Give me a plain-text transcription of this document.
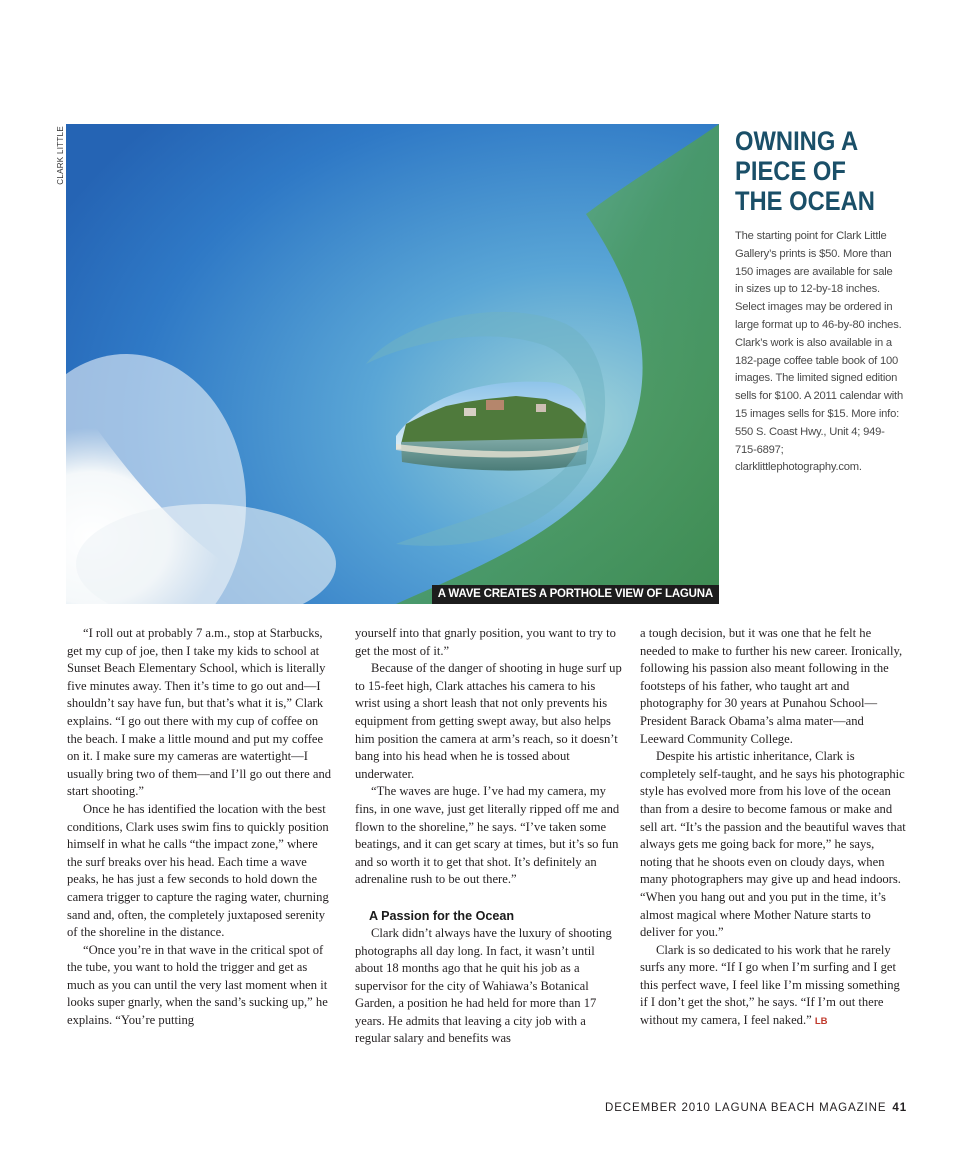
CLARK LITTLE
A WAVE CREATES A PORTHOLE VIEW OF LAGUNA
OWNING A
PIECE OF
THE OCEAN

The starting point for Clark Little Gallery’s prints is $50. More than 150 images are available for sale in sizes up to 12-by-18 inches. Select images may be ordered in large format up to 46-by-80 inches. Clark’s work is also available in a 182-page coffee table book of 100 images. The limited signed edition sells for $100. A 2011 calendar with 15 images sells for $15. More info: 550 S. Coast Hwy., Unit 4; 949-715-6897; clarklittlephotography.com.

“I roll out at probably 7 a.m., stop at Starbucks, get my cup of joe, then I take my kids to school at Sunset Beach Elementary School, which is literally five minutes away. Then it’s time to go out and—I shouldn’t say have fun, but that’s what it is,” Clark explains. “I go out there with my cup of coffee on the beach. I make a little mound and put my coffee on it. I make sure my cameras are watertight—I usually bring two of them—and I’ll go out there and start shooting.”

Once he has identified the location with the best conditions, Clark uses swim fins to quickly position himself in what he calls “the impact zone,” where the surf breaks over his head. Each time a wave peaks, he has just a few seconds to hold down the camera trigger to capture the raging water, churning sand and, often, the completely juxtaposed serenity of the shoreline in the distance.

“Once you’re in that wave in the critical spot of the tube, you want to hold the trigger and get as much as you can until the very last moment when it looks super gnarly, when the sand’s sucking up,” he explains. “You’re putting

yourself into that gnarly position, you want to try to get the most of it.”

Because of the danger of shooting in huge surf up to 15-feet high, Clark attaches his camera to his wrist using a short leash that not only prevents his equipment from getting swept away, but also helps him position the camera at arm’s reach, so it doesn’t bang into his head when he is tossed about underwater.

“The waves are huge. I’ve had my camera, my fins, in one wave, just get literally ripped off me and flown to the shoreline,” he says. “I’ve taken some beatings, and it can get scary at times, but it’s so fun and so worth it to get that shot. It’s definitely an adrenaline rush to be out there.”

A Passion for the Ocean

Clark didn’t always have the luxury of shooting photographs all day long. In fact, it wasn’t until about 18 months ago that he quit his job as a supervisor for the city of Wahiawa’s Botanical Garden, a position he had held for more than 17 years. He admits that leaving a city job with a regular salary and benefits was

a tough decision, but it was one that he felt he needed to make to further his new career. Ironically, following his passion also meant following in the footsteps of his father, who taught art and photography for 30 years at Punahou School—President Barack Obama’s alma mater—and Leeward Community College.

Despite his artistic inheritance, Clark is completely self-taught, and he says his photographic style has evolved more from his love of the ocean than from a desire to become famous or make and sell art. “It’s the passion and the beautiful waves that always gets me going back for more,” he says, noting that he shoots even on cloudy days, when many photographers may give up and head indoors. “When you hang out and you put in the time, it’s almost magical where Mother Nature starts to deliver for you.”

Clark is so dedicated to his work that he rarely surfs any more. “If I go when I’m surfing and I get this perfect wave, I feel like I’m missing something if I don’t get the shot,” he says. “If I’m out there without my camera, I feel naked.” LB

DECEMBER 2010 LAGUNA BEACH MAGAZINE 41
